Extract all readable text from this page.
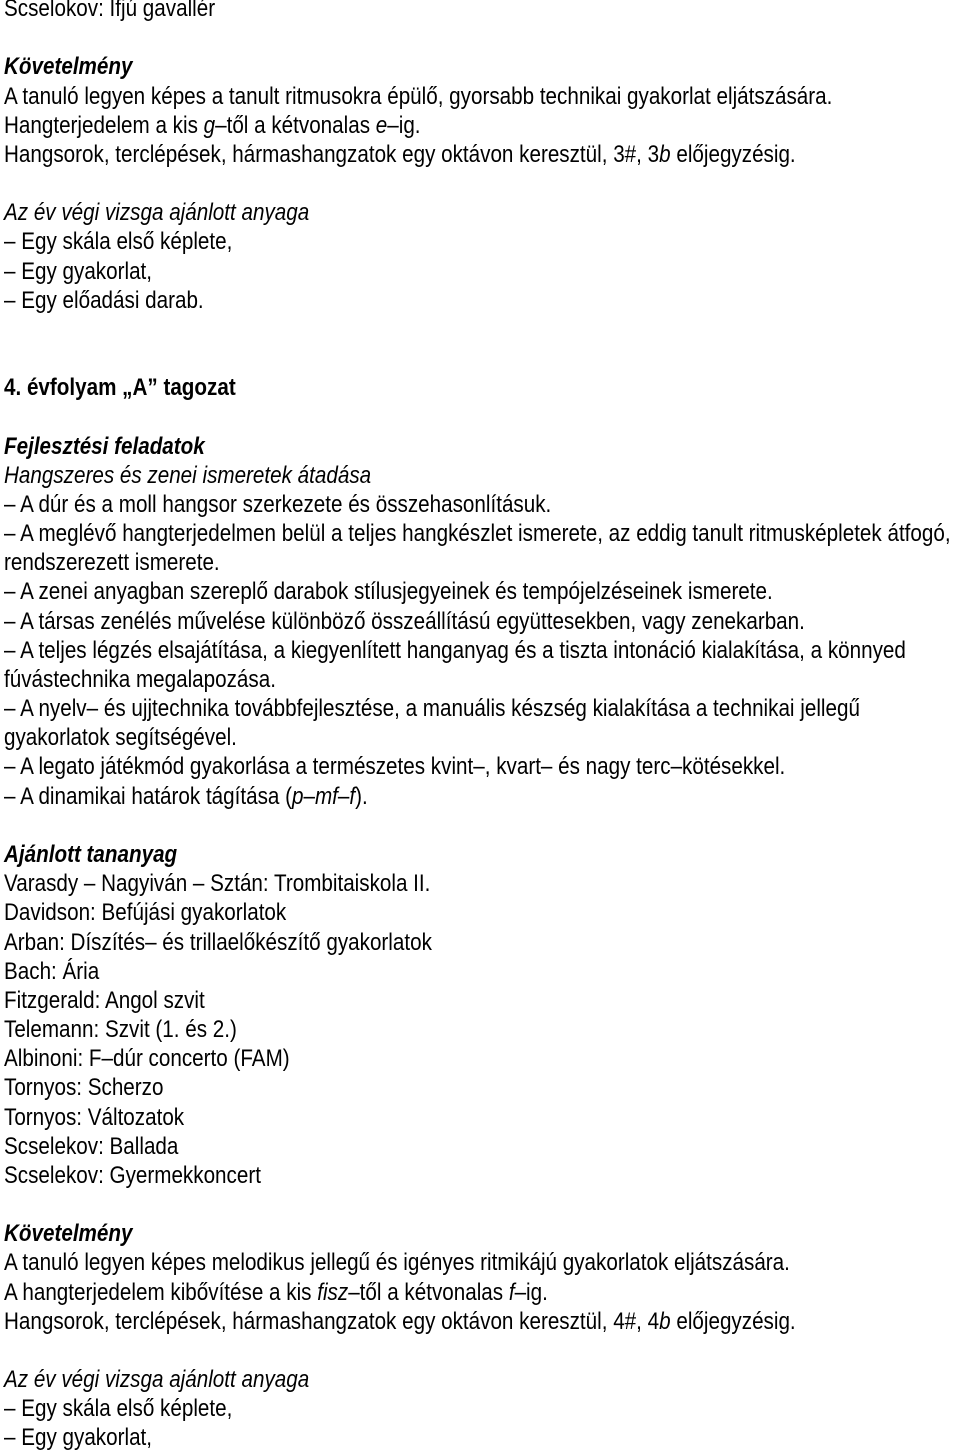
Scselokov: Ifjú gavallér
Követelmény
A tanuló legyen képes a tanult ritmusokra épülő, gyorsabb technikai gyakorlat eljátszására.
Hangterjedelem a kis g–től a kétvonalas e–ig.
Hangsorok, terclépések, hármashangzatok egy oktávon keresztül, 3#, 3b előjegyzésig.
Az év végi vizsga ajánlott anyaga
– Egy skála első képlete,
– Egy gyakorlat,
– Egy előadási darab.
4. évfolyam „A” tagozat
Fejlesztési feladatok
Hangszeres és zenei ismeretek átadása
– A dúr és a moll hangsor szerkezete és összehasonlításuk.
– A meglévő hangterjedelmen belül a teljes hangkészlet ismerete, az eddig tanult ritmusképletek átfogó,
rendszerezett ismerete.
– A zenei anyagban szereplő darabok stílusjegyeinek és tempójelzéseinek ismerete.
– A társas zenélés művelése különböző összeállítású együttesekben, vagy zenekarban.
– A teljes légzés elsajátítása, a kiegyenlített hanganyag és a tiszta intonáció kialakítása, a könnyed
fúvástechnika megalapozása.
– A nyelv– és ujjtechnika továbbfejlesztése, a manuális készség kialakítása a technikai jellegű
gyakorlatok segítségével.
– A legato játékmód gyakorlása a természetes kvint–, kvart– és nagy terc–kötésekkel.
– A dinamikai határok tágítása (p–mf–f).
Ajánlott tananyag
Varasdy – Nagyiván – Sztán: Trombitaiskola II.
Davidson: Befújási gyakorlatok
Arban: Díszítés– és trillaelőkészítő gyakorlatok
Bach: Ária
Fitzgerald: Angol szvit
Telemann: Szvit (1. és 2.)
Albinoni: F–dúr concerto (FAM)
Tornyos: Scherzo
Tornyos: Változatok
Scselekov: Ballada
Scselekov: Gyermekkoncert
Követelmény
A tanuló legyen képes melodikus jellegű és igényes ritmikájú gyakorlatok eljátszására.
A hangterjedelem kibővítése a kis fisz–től a kétvonalas f–ig.
Hangsorok, terclépések, hármashangzatok egy oktávon keresztül, 4#, 4b előjegyzésig.
Az év végi vizsga ajánlott anyaga
– Egy skála első képlete,
– Egy gyakorlat,
